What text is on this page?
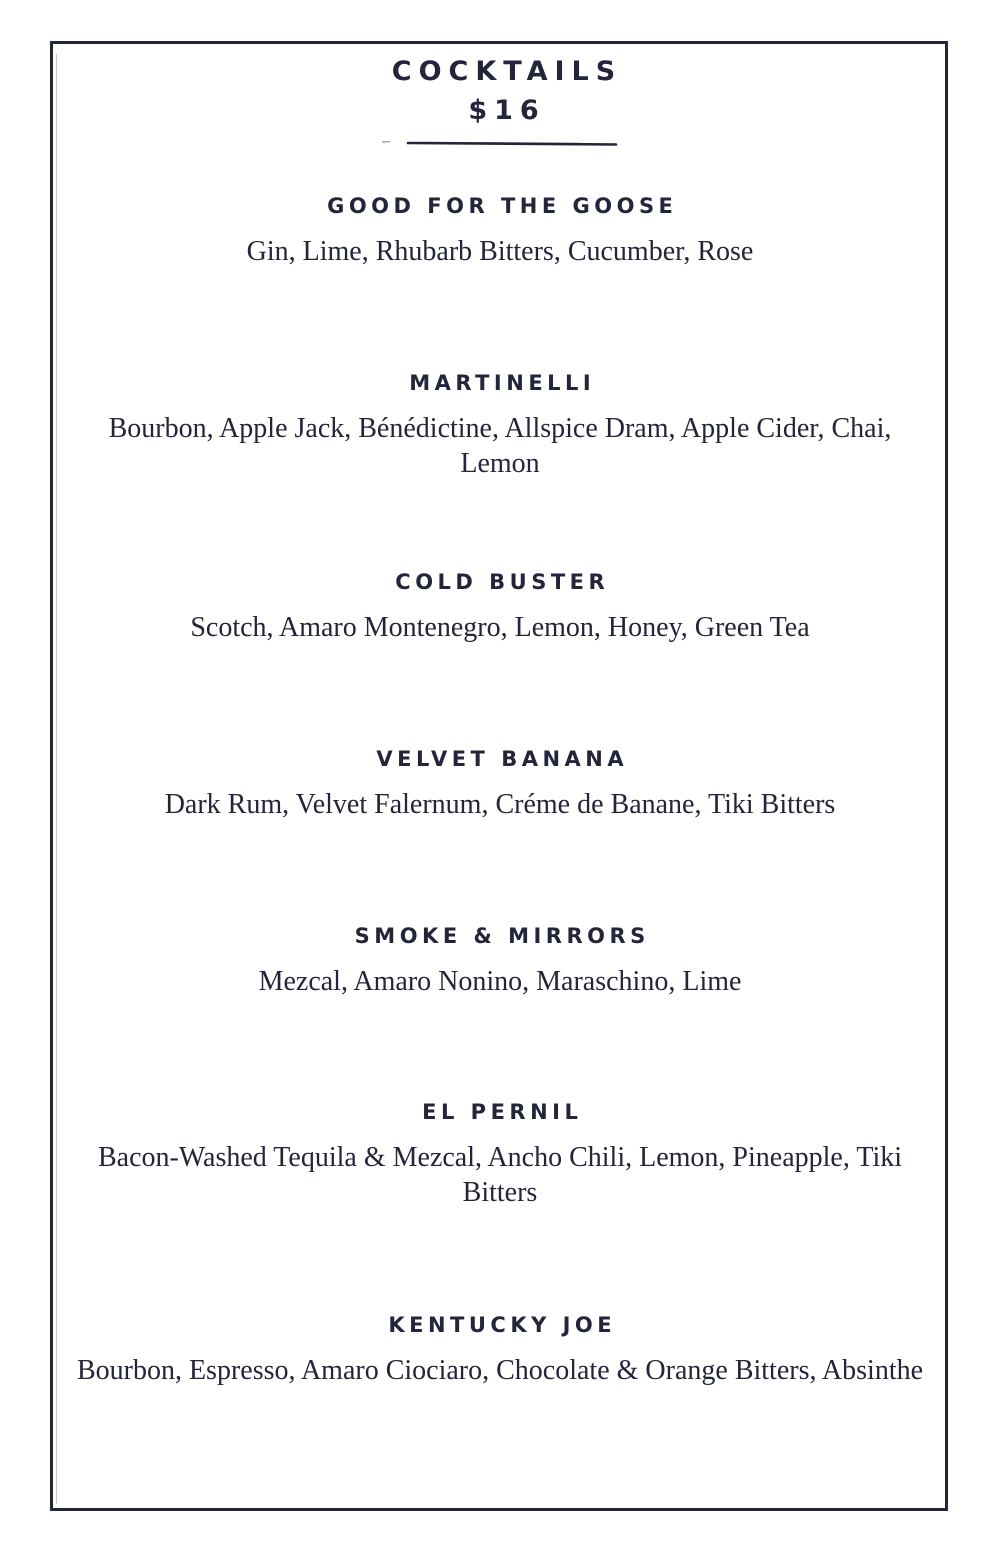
COCKTAILS
$16

GOOD FOR THE GOOSE

Gin, Lime, Rhubarb Bitters, Cucumber, Rose

MARTINELLI

Bourbon, Apple Jack, Bénédictine, Allspice Dram, Apple Cider, Chai, Lemon

COLD BUSTER

Scotch, Amaro Montenegro, Lemon, Honey, Green Tea

VELVET BANANA

Dark Rum, Velvet Falernum, Créme de Banane, Tiki Bitters

SMOKE & MIRRORS

Mezcal, Amaro Nonino, Maraschino, Lime

EL PERNIL

Bacon-Washed Tequila & Mezcal, Ancho Chili, Lemon, Pineapple, Tiki Bitters

KENTUCKY JOE

Bourbon, Espresso, Amaro Ciociaro, Chocolate & Orange Bitters, Absinthe
